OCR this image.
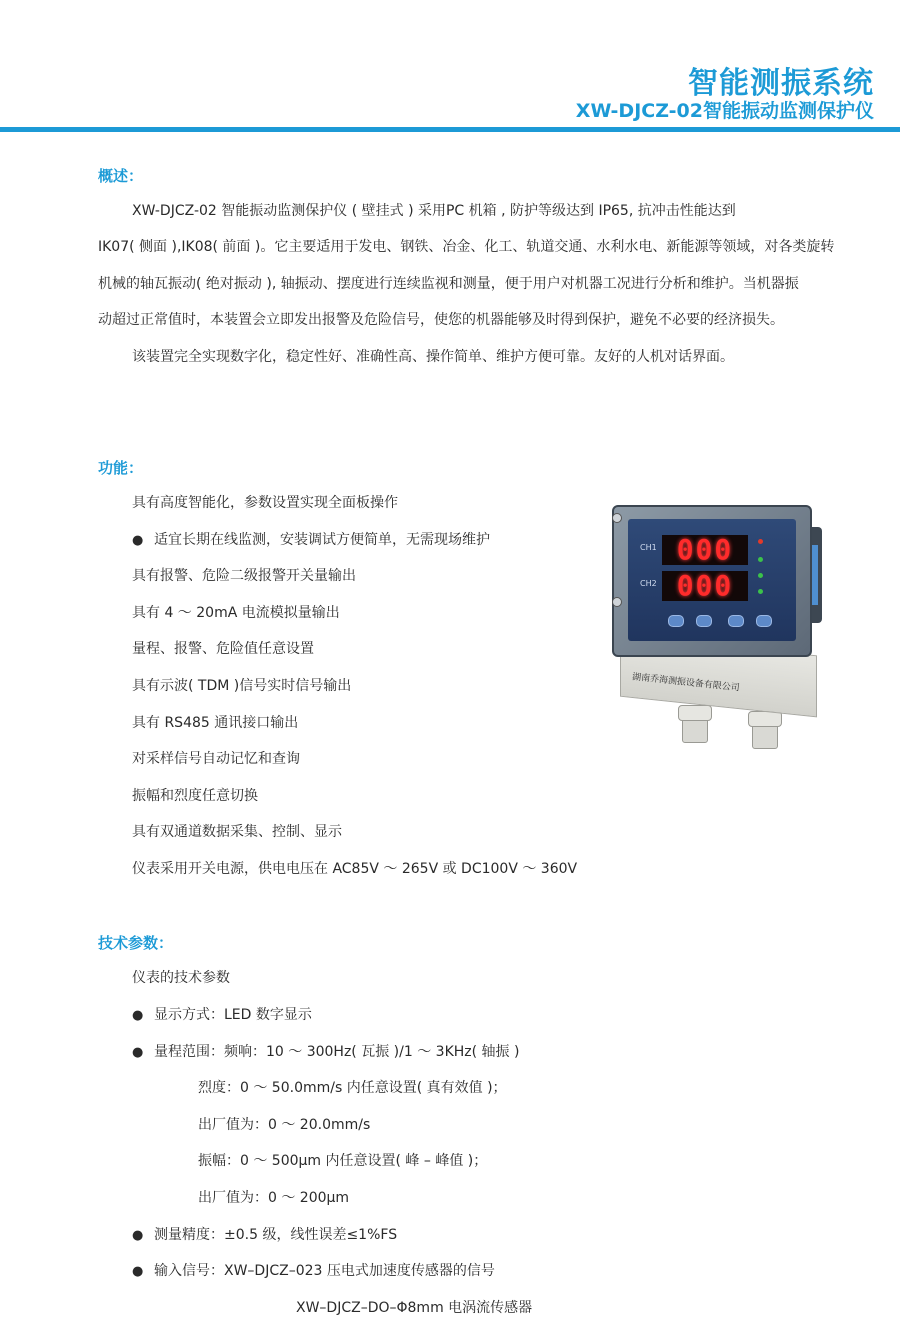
智能测振系统
XW-DJCZ-02智能振动监测保护仪
概述：
XW-DJCZ-02 智能振动监测保护仪 ( 壁挂式 ) 采用PC 机箱 , 防护等级达到 IP65, 抗冲击性能达到
IK07( 侧面 ),IK08( 前面 )。它主要适用于发电、钢铁、冶金、化工、轨道交通、水利水电、新能源等领域，对各类旋转
机械的轴瓦振动( 绝对振动 ), 轴振动、摆度进行连续监视和测量，便于用户对机器工况进行分析和维护。当机器振
动超过正常值时，本装置会立即发出报警及危险信号，使您的机器能够及时得到保护，避免不必要的经济损失。
该装置完全实现数字化，稳定性好、准确性高、操作简单、维护方便可靠。友好的人机对话界面。
功能：
具有高度智能化，参数设置实现全面板操作
● 适宜长期在线监测，安装调试方便简单，无需现场维护
具有报警、危险二级报警开关量输出
具有 4 ～ 20mA 电流模拟量输出
量程、报警、危险值任意设置
具有示波( TDM )信号实时信号输出
具有 RS485 通讯接口输出
对采样信号自动记忆和查询
振幅和烈度任意切换
具有双通道数据采集、控制、显示
仪表采用开关电源，供电电压在 AC85V ～ 265V 或 DC100V ～ 360V
湖南乔海测振设备有限公司
CH1 000
CH2 000
技术参数：
仪表的技术参数
● 显示方式：LED 数字显示
● 量程范围：频响：10 ～ 300Hz( 瓦振 )/1 ～ 3KHz( 轴振 )
烈度：0 ～ 50.0mm/s 内任意设置( 真有效值 )；
出厂值为：0 ～ 20.0mm/s
振幅：0 ～ 500μm 内任意设置( 峰 – 峰值 )；
出厂值为：0 ～ 200μm
● 测量精度：±0.5 级，线性误差≤1%FS
● 输入信号：XW–DJCZ–023 压电式加速度传感器的信号
XW–DJCZ–DO–Φ8mm 电涡流传感器
